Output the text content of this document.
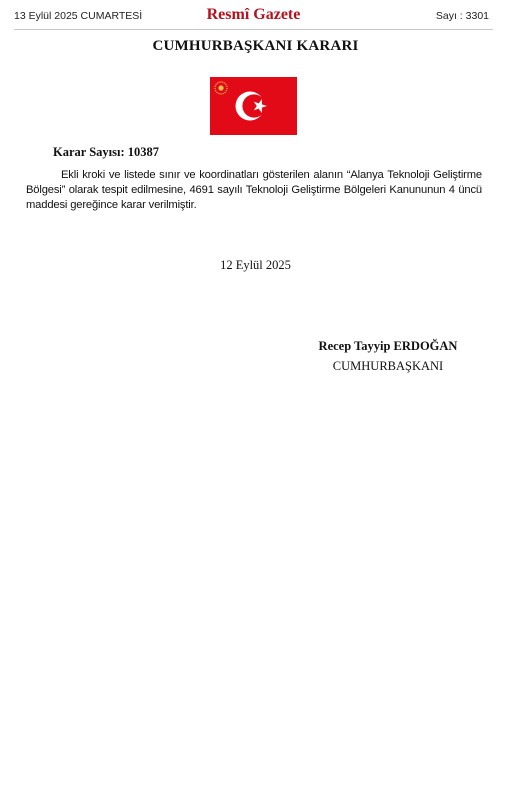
13 Eylül 2025 CUMARTESİ	Resmî Gazete	Sayı : 3301
CUMHURBAŞKANI KARARI
Karar Sayısı: 10387
Ekli kroki ve listede sınır ve koordinatları gösterilen alanın “Alanya Teknoloji Geliştirme Bölgesi” olarak tespit edilmesine, 4691 sayılı Teknoloji Geliştirme Bölgeleri Kanununun 4 üncü maddesi gereğince karar verilmiştir.
12 Eylül 2025
Recep Tayyip ERDOĞAN
CUMHURBAŞKANI
